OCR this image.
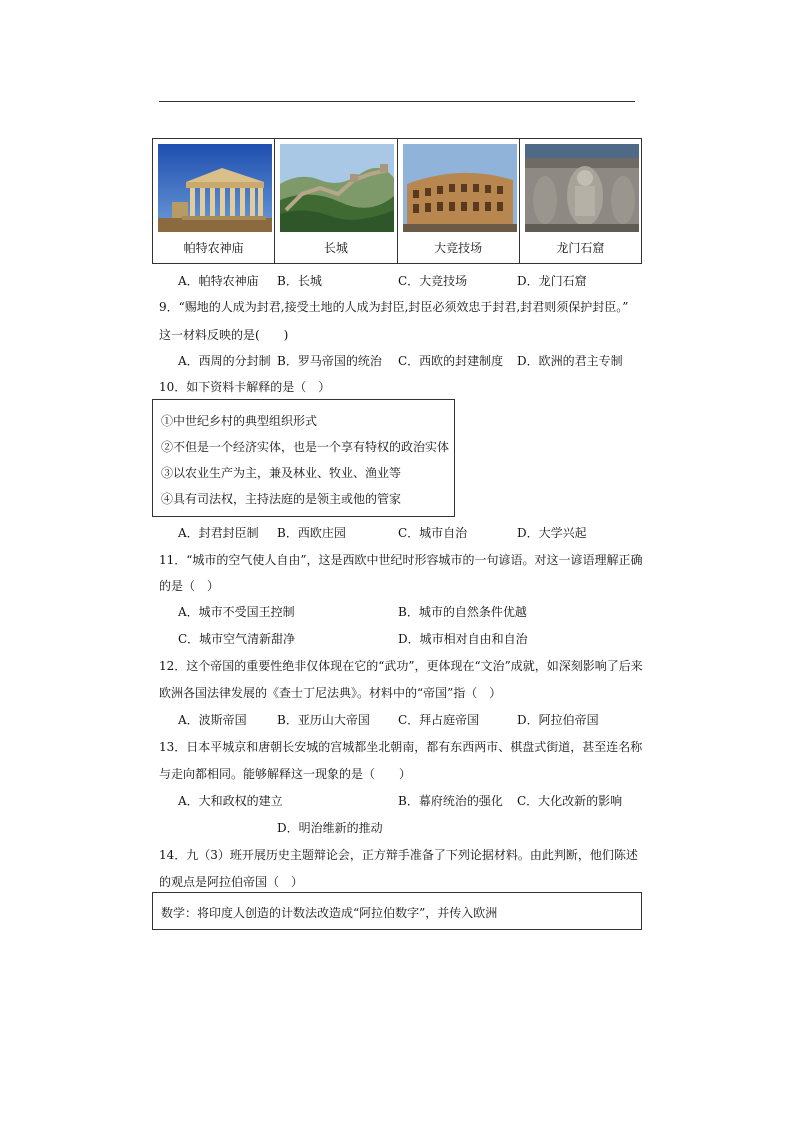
帕特农神庙	长城	大竞技场	龙门石窟
A．帕特农神庙 B．长城	C．大竞技场	D．龙门石窟
9．“赐地的人成为封君,接受土地的人成为封臣,封臣必须效忠于封君,封君则须保护封臣。”
这一材料反映的是(　　)
A．西周的分封制 B．罗马帝国的统治 C．西欧的封建制度 D．欧洲的君主专制
10．如下资料卡解释的是（　）
①中世纪乡村的典型组织形式
②不但是一个经济实体，也是一个享有特权的政治实体
③以农业生产为主，兼及林业、牧业、渔业等
④具有司法权，主持法庭的是领主或他的管家
A．封君封臣制 B．西欧庄园	C．城市自治	D．大学兴起
11．“城市的空气使人自由”，这是西欧中世纪时形容城市的一句谚语。对这一谚语理解正确
的是（　）
A．城市不受国王控制	B．城市的自然条件优越
C．城市空气清新甜净	D．城市相对自由和自治
12．这个帝国的重要性绝非仅体现在它的“武功”，更体现在“文治”成就，如深刻影响了后来
欧洲各国法律发展的《查士丁尼法典》。材料中的“帝国”指（　）
A．波斯帝国	B．亚历山大帝国 C．拜占庭帝国	D．阿拉伯帝国
13．日本平城京和唐朝长安城的宫城都坐北朝南，都有东西两市、棋盘式街道，甚至连名称
与走向都相同。能够解释这一现象的是（　　）
A．大和政权的建立	B．幕府统治的强化 C．大化改新的影响
D．明治维新的推动
14．九（3）班开展历史主题辩论会，正方辩手准备了下列论据材料。由此判断，他们陈述
的观点是阿拉伯帝国（　）
数学：将印度人创造的计数法改造成“阿拉伯数字”，并传入欧洲
